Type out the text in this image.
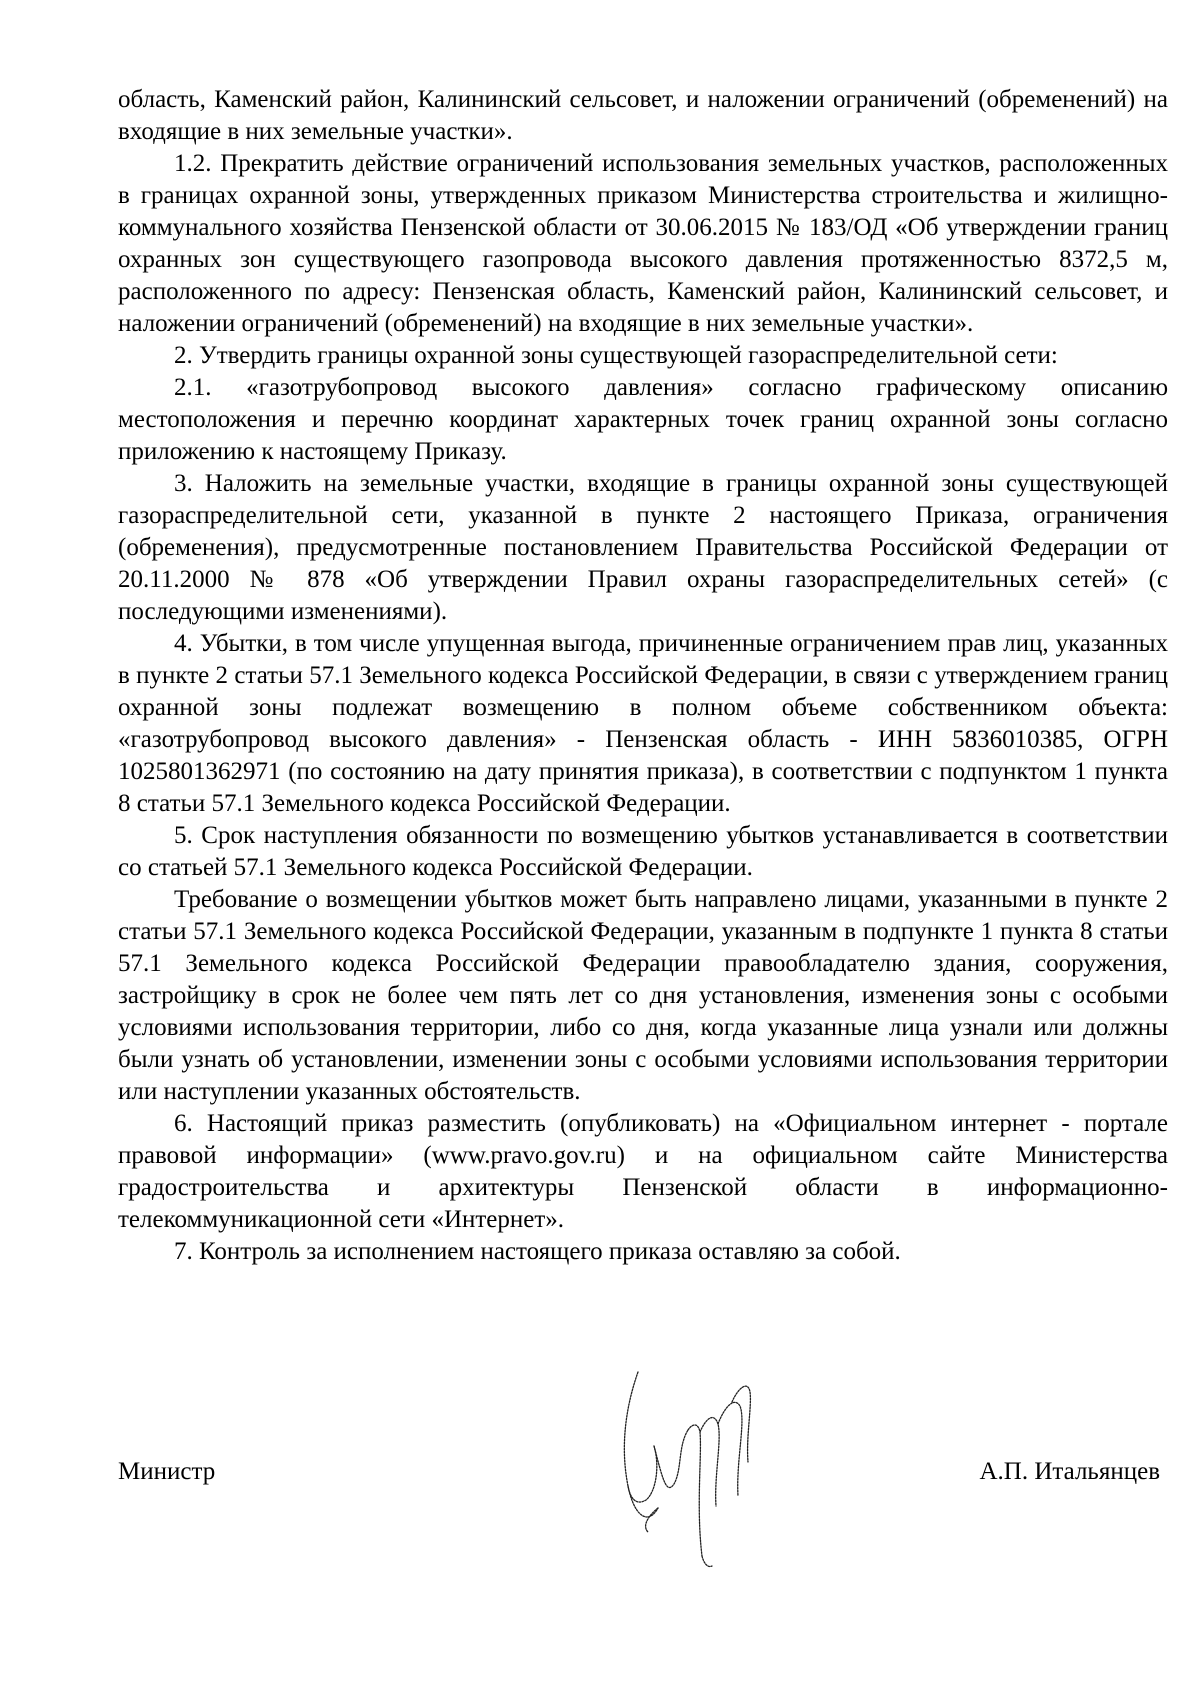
область, Каменский район, Калининский сельсовет, и наложении ограничений (обременений) на входящие в них земельные участки».

1.2. Прекратить действие ограничений использования земельных участков, расположенных в границах охранной зоны, утвержденных приказом Министерства строительства и жилищно-коммунального хозяйства Пензенской области от 30.06.2015 № 183/ОД «Об утверждении границ охранных зон существующего газопровода высокого давления протяженностью 8372,5 м, расположенного по адресу: Пензенская область, Каменский район, Калининский сельсовет, и наложении ограничений (обременений) на входящие в них земельные участки».

2. Утвердить границы охранной зоны существующей газораспределительной сети:

2.1. «газотрубопровод высокого давления» согласно графическому описанию местоположения и перечню координат характерных точек границ охранной зоны согласно приложению к настоящему Приказу.

3. Наложить на земельные участки, входящие в границы охранной зоны существующей газораспределительной сети, указанной в пункте 2 настоящего Приказа, ограничения (обременения), предусмотренные постановлением Правительства Российской Федерации от 20.11.2000 № 878 «Об утверждении Правил охраны газораспределительных сетей» (с последующими изменениями).

4. Убытки, в том числе упущенная выгода, причиненные ограничением прав лиц, указанных в пункте 2 статьи 57.1 Земельного кодекса Российской Федерации, в связи с утверждением границ охранной зоны подлежат возмещению в полном объеме собственником объекта: «газотрубопровод высокого давления» - Пензенская область - ИНН 5836010385, ОГРН 1025801362971 (по состоянию на дату принятия приказа), в соответствии с подпунктом 1 пункта 8 статьи 57.1 Земельного кодекса Российской Федерации.

5. Срок наступления обязанности по возмещению убытков устанавливается в соответствии со статьей 57.1 Земельного кодекса Российской Федерации.

Требование о возмещении убытков может быть направлено лицами, указанными в пункте 2 статьи 57.1 Земельного кодекса Российской Федерации, указанным в подпункте 1 пункта 8 статьи 57.1 Земельного кодекса Российской Федерации правообладателю здания, сооружения, застройщику в срок не более чем пять лет со дня установления, изменения зоны с особыми условиями использования территории, либо со дня, когда указанные лица узнали или должны были узнать об установлении, изменении зоны с особыми условиями использования территории или наступлении указанных обстоятельств.

6. Настоящий приказ разместить (опубликовать) на «Официальном интернет - портале правовой информации» (www.pravo.gov.ru) и на официальном сайте Министерства градостроительства и архитектуры Пензенской области в информационно-телекоммуникационной сети «Интернет».

7. Контроль за исполнением настоящего приказа оставляю за собой.

Министр	А.П. Итальянцев
